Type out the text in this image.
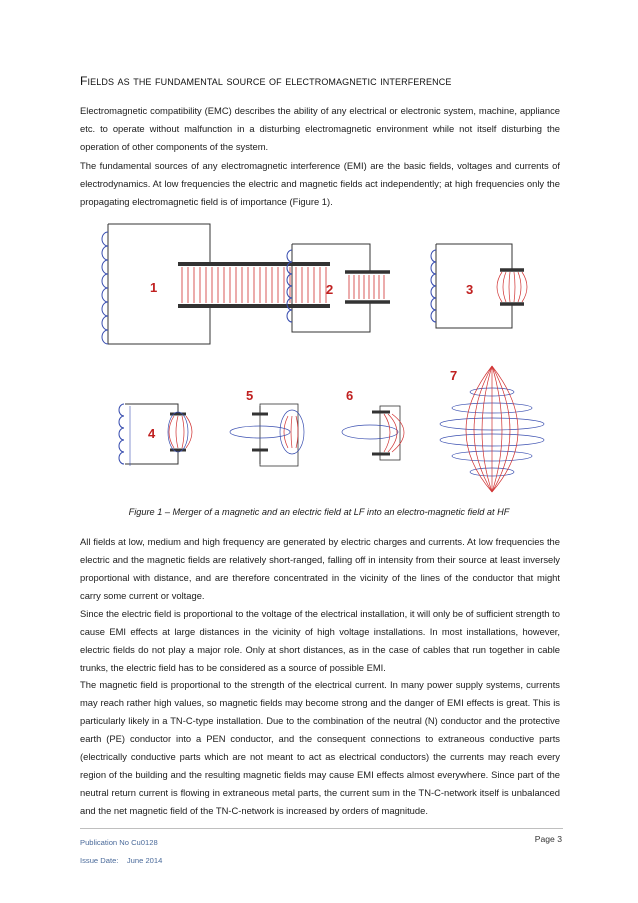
Fields as the fundamental source of electromagnetic interference

Electromagnetic compatibility (EMC) describes the ability of any electrical or electronic system, machine, appliance etc. to operate without malfunction in a disturbing electromagnetic environment while not itself disturbing the operation of other components of the system.

The fundamental sources of any electromagnetic interference (EMI) are the basic fields, voltages and currents of electrodynamics. At low frequencies the electric and magnetic fields act independently; at high frequencies only the propagating electromagnetic field is of importance (Figure 1).

1	2	3
4
5	6
7
Figure 1 – Merger of a magnetic and an electric field at LF into an electro-magnetic field at HF

All fields at low, medium and high frequency are generated by electric charges and currents. At low frequencies the electric and the magnetic fields are relatively short-ranged, falling off in intensity from their source at least inversely proportional with distance, and are therefore concentrated in the vicinity of the lines of the conductor that might carry some current or voltage.

Since the electric field is proportional to the voltage of the electrical installation, it will only be of sufficient strength to cause EMI effects at large distances in the vicinity of high voltage installations. In most installations, however, electric fields do not play a major role. Only at short distances, as in the case of cables that run together in cable trunks, the electric field has to be considered as a source of possible EMI.

The magnetic field is proportional to the strength of the electrical current. In many power supply systems, currents may reach rather high values, so magnetic fields may become strong and the danger of EMI effects is great. This is particularly likely in a TN-C-type installation. Due to the combination of the neutral (N) conductor and the protective earth (PE) conductor into a PEN conductor, and the consequent connections to extraneous conductive parts (electrically conductive parts which are not meant to act as electrical conductors) the currents may reach every region of the building and the resulting magnetic fields may cause EMI effects almost everywhere. Since part of the neutral return current is flowing in extraneous metal parts, the current sum in the TN-C-network itself is unbalanced and the net magnetic field of the TN-C-network is increased by orders of magnitude.

Publication No Cu0128
Issue Date: June 2014
Page 3
